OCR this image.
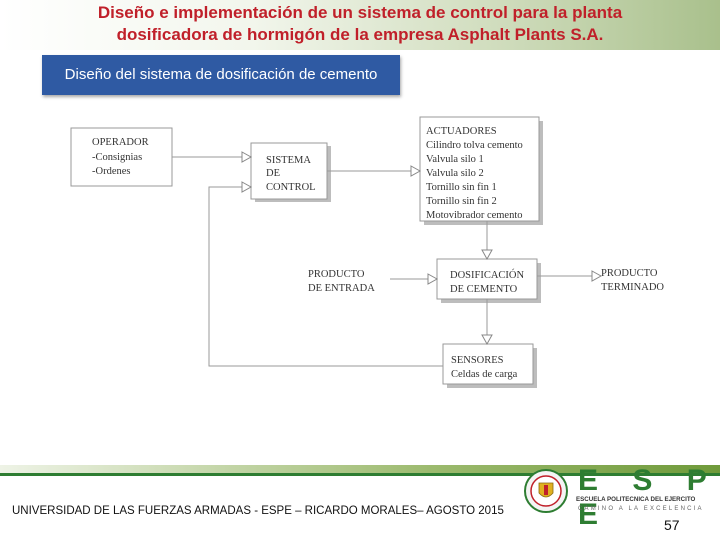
Diseño e implementación de un sistema de control para la planta
dosificadora de hormigón de la empresa Asphalt Plants S.A.
Diseño del sistema de dosificación de cemento
OPERADOR
-Consignias
-Ordenes
SISTEMA
DE
CONTROL
ACTUADORES
Cilindro tolva cemento
Valvula silo 1
Valvula silo 2
Tornillo sin fin 1
Tornillo sin fin 2
Motovibrador cemento
DOSIFICACIÓN
DE CEMENTO
SENSORES
Celdas de carga
PRODUCTO
DE ENTRADA
PRODUCTO
TERMINADO
UNIVERSIDAD DE LAS FUERZAS ARMADAS - ESPE – RICARDO MORALES– AGOSTO 2015
E S P E
ESCUELA POLITECNICA DEL EJERCITO
CAMINO A LA EXCELENCIA
57
